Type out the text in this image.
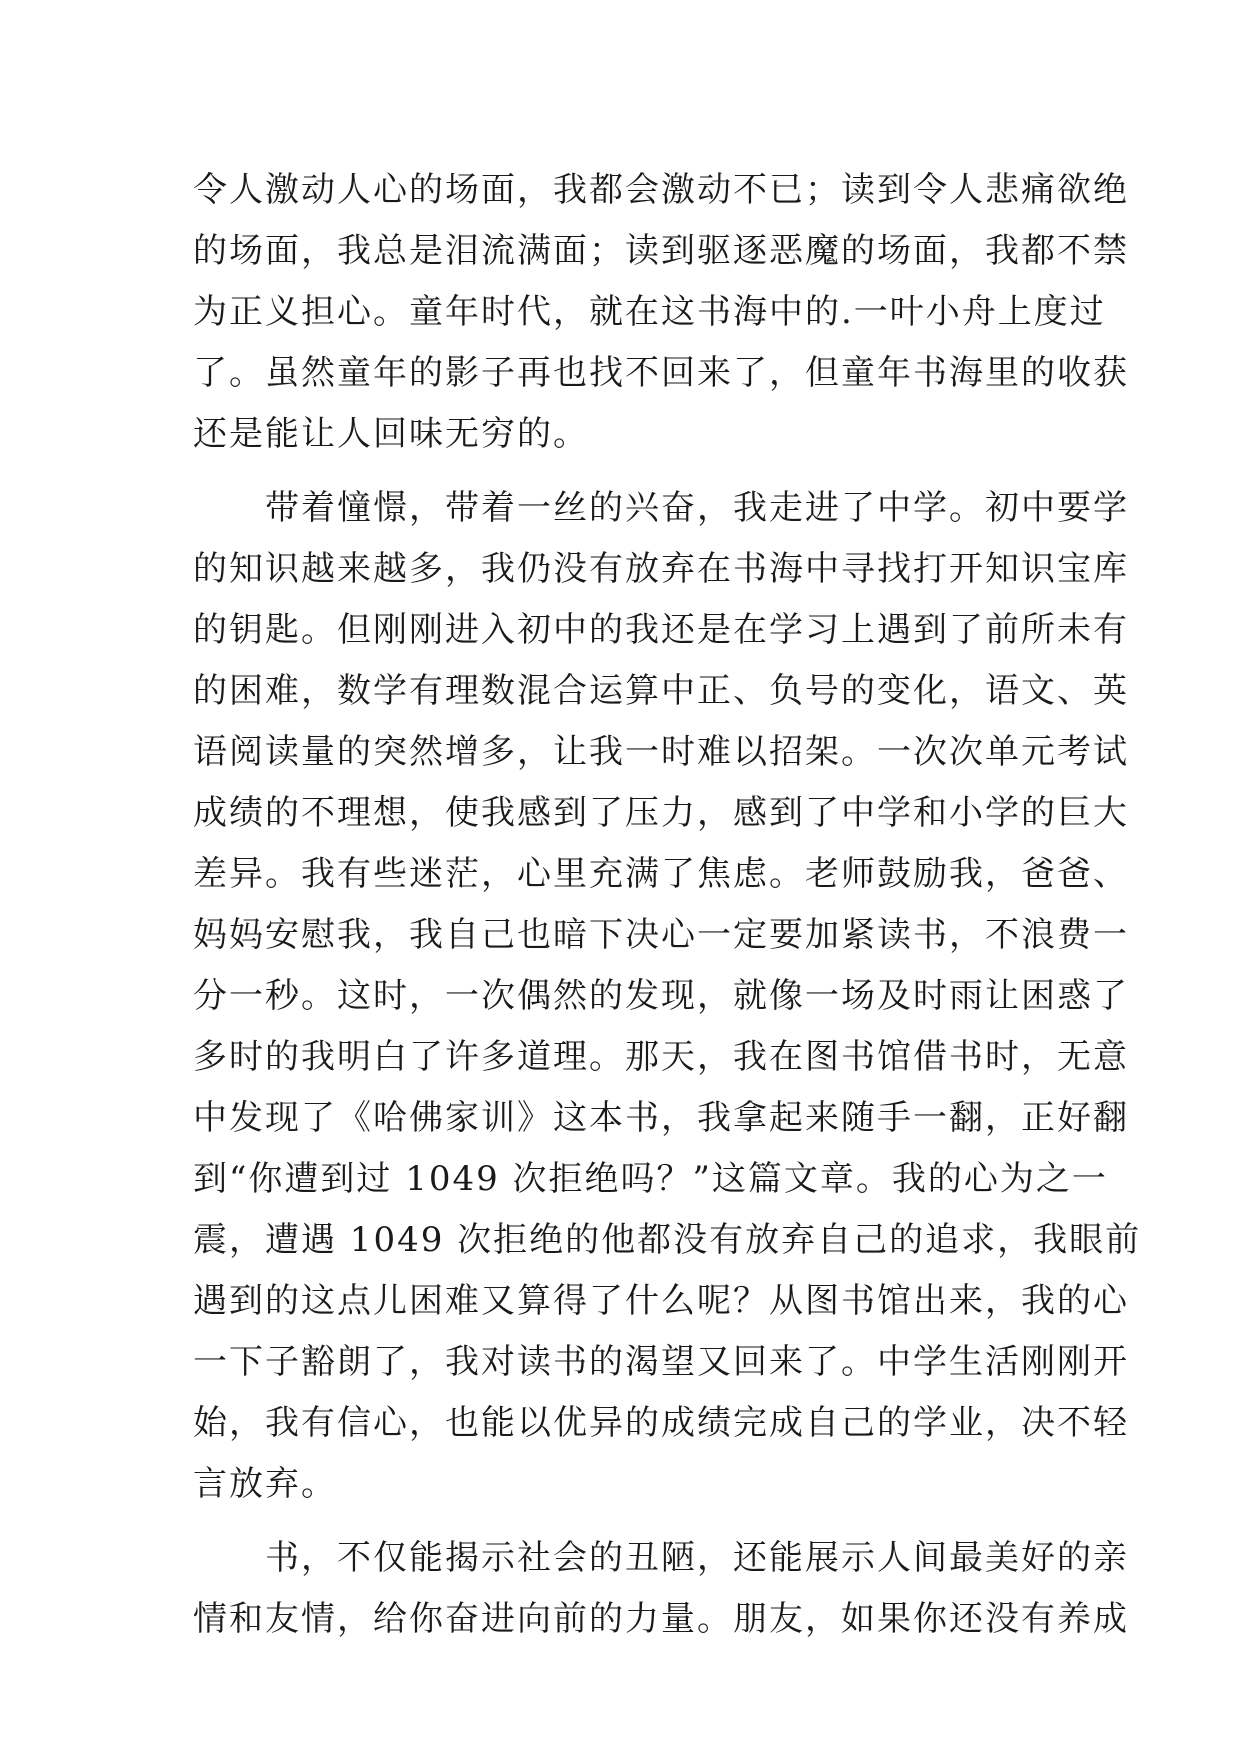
令人激动人心的场面，我都会激动不已；读到令人悲痛欲绝
的场面，我总是泪流满面；读到驱逐恶魔的场面，我都不禁
为正义担心。童年时代，就在这书海中的.一叶小舟上度过
了。虽然童年的影子再也找不回来了，但童年书海里的收获
还是能让人回味无穷的。
　　带着憧憬，带着一丝的兴奋，我走进了中学。初中要学
的知识越来越多，我仍没有放弃在书海中寻找打开知识宝库
的钥匙。但刚刚进入初中的我还是在学习上遇到了前所未有
的困难，数学有理数混合运算中正、负号的变化，语文、英
语阅读量的突然增多，让我一时难以招架。一次次单元考试
成绩的不理想，使我感到了压力，感到了中学和小学的巨大
差异。我有些迷茫，心里充满了焦虑。老师鼓励我，爸爸、
妈妈安慰我，我自己也暗下决心一定要加紧读书，不浪费一
分一秒。这时，一次偶然的发现，就像一场及时雨让困惑了
多时的我明白了许多道理。那天，我在图书馆借书时，无意
中发现了《哈佛家训》这本书，我拿起来随手一翻，正好翻
到“你遭到过 1049 次拒绝吗？”这篇文章。我的心为之一
震，遭遇 1049 次拒绝的他都没有放弃自己的追求，我眼前
遇到的这点儿困难又算得了什么呢？从图书馆出来，我的心
一下子豁朗了，我对读书的渴望又回来了。中学生活刚刚开
始，我有信心，也能以优异的成绩完成自己的学业，决不轻
言放弃。
　　书，不仅能揭示社会的丑陋，还能展示人间最美好的亲
情和友情，给你奋进向前的力量。朋友，如果你还没有养成
